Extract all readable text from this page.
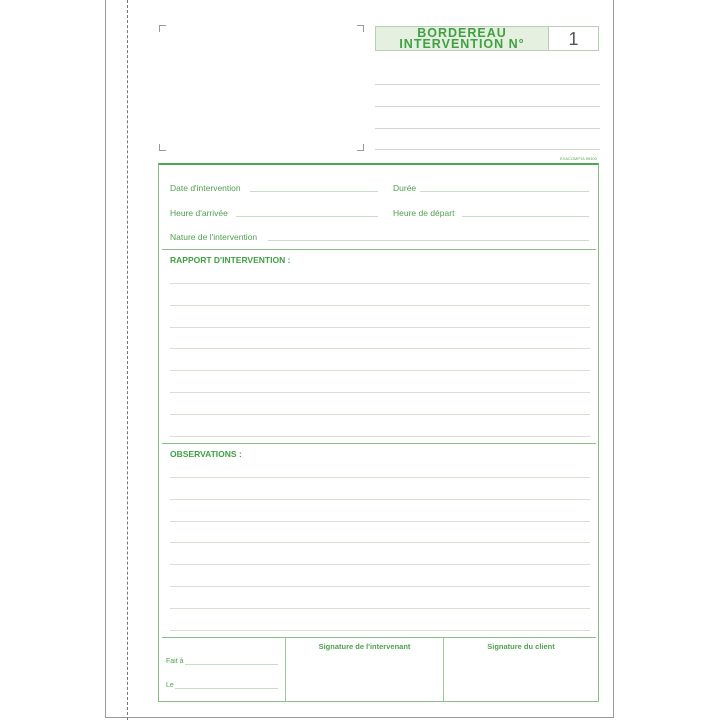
BORDEREAU
INTERVENTION N°	1
EXACOMPTA 59300
Date d'intervention	Durée
Heure d'arrivée	Heure de départ
Nature de l'intervention
RAPPORT D'INTERVENTION :
OBSERVATIONS :
Fait à
Le
Signature de l'intervenant	Signature du client
